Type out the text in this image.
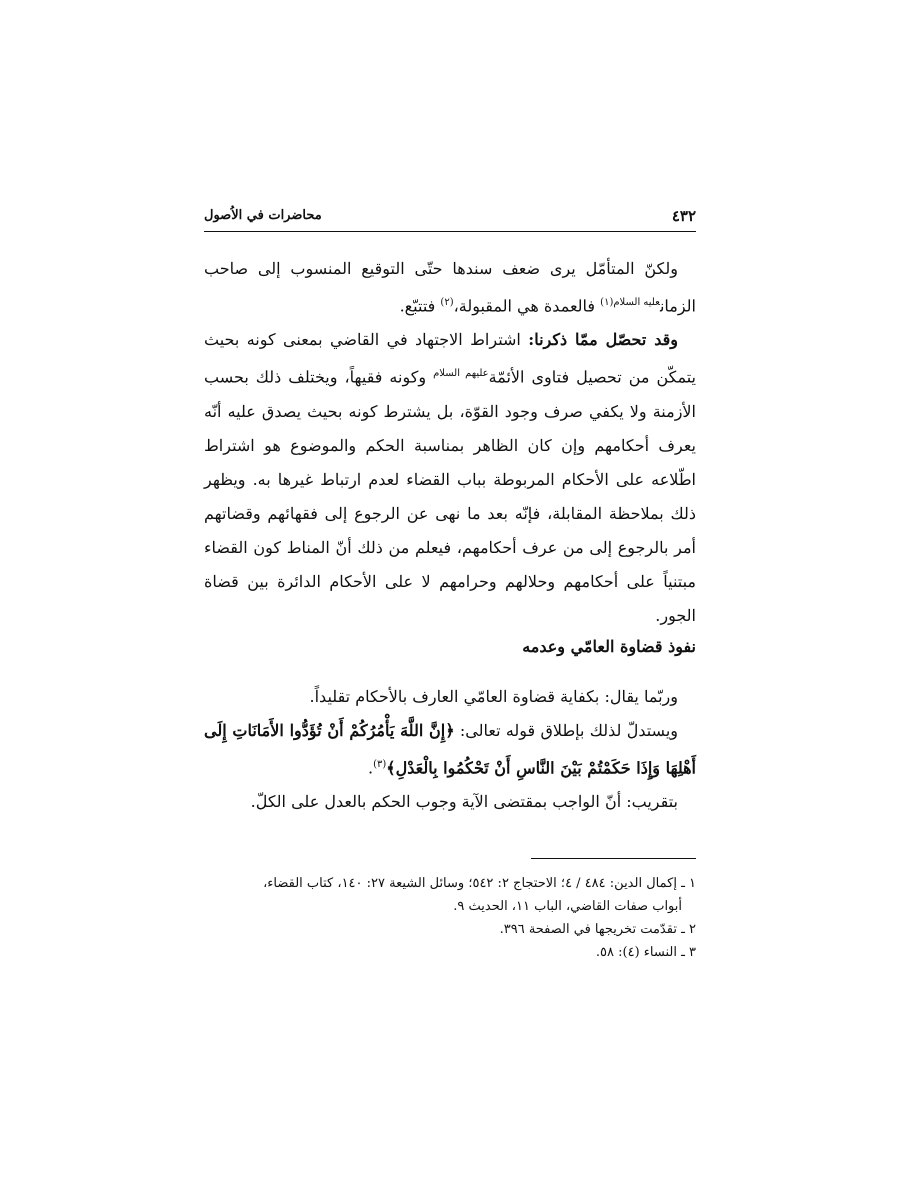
٤٣٢
محاضرات في الاُصول

ولكنّ المتأمّل يرى ضعف سندها حتّى التوقيع المنسوب إلى صاحب الزمان$^{عليه السلام(١)}$ فالعمدة هي المقبولة،$^{(٢)}$ فتتبّع.

وقد تحصّل ممّا ذكرنا: اشتراط الاجتهاد في القاضي بمعنى كونه بحيث يتمكّن من تحصيل فتاوى الأئمّة$^{عليهم السلام}$ وكونه فقيهاً، ويختلف ذلك بحسب الأزمنة ولا يكفي صرف وجود القوّة، بل يشترط كونه بحيث يصدق عليه أنّه يعرف أحكامهم وإن كان الظاهر بمناسبة الحكم والموضوع هو اشتراط اطّلاعه على الأحكام المربوطة بباب القضاء لعدم ارتباط غيرها به. ويظهر ذلك بملاحظة المقابلة، فإنّه بعد ما نهى عن الرجوع إلى فقهائهم وقضاتهم أمر بالرجوع إلى من عرف أحكامهم، فيعلم من ذلك أنّ المناط كون القضاء مبتنياً على أحكامهم وحلالهم وحرامهم لا على الأحكام الدائرة بين قضاة الجور.

نفوذ قضاوة العامّي وعدمه

وربّما يقال: بكفاية قضاوة العامّي العارف بالأحكام تقليداً.

ويستدلّ لذلك بإطلاق قوله تعالى: ﴿إِنَّ اللَّهَ يَأْمُرُكُمْ أَنْ تُؤَدُّوا الأَمَانَاتِ إِلَى أَهْلِهَا وَإِذَا حَكَمْتُمْ بَيْنَ النَّاسِ أَنْ تَحْكُمُوا بِالْعَدْلِ﴾$^{(٣)}$.

بتقريب: أنّ الواجب بمقتضى الآية وجوب الحكم بالعدل على الكلّ.

١ ـ إكمال الدين: ٤٨٤ / ٤؛ الاحتجاج ٢: ٥٤٢؛ وسائل الشيعة ٢٧: ١٤٠، كتاب القضاء،

أبواب صفات القاضي، الباب ١١، الحديث ٩.

٢ ـ تقدّمت تخريجها في الصفحة ٣٩٦.

٣ ـ النساء (٤): ٥٨.
